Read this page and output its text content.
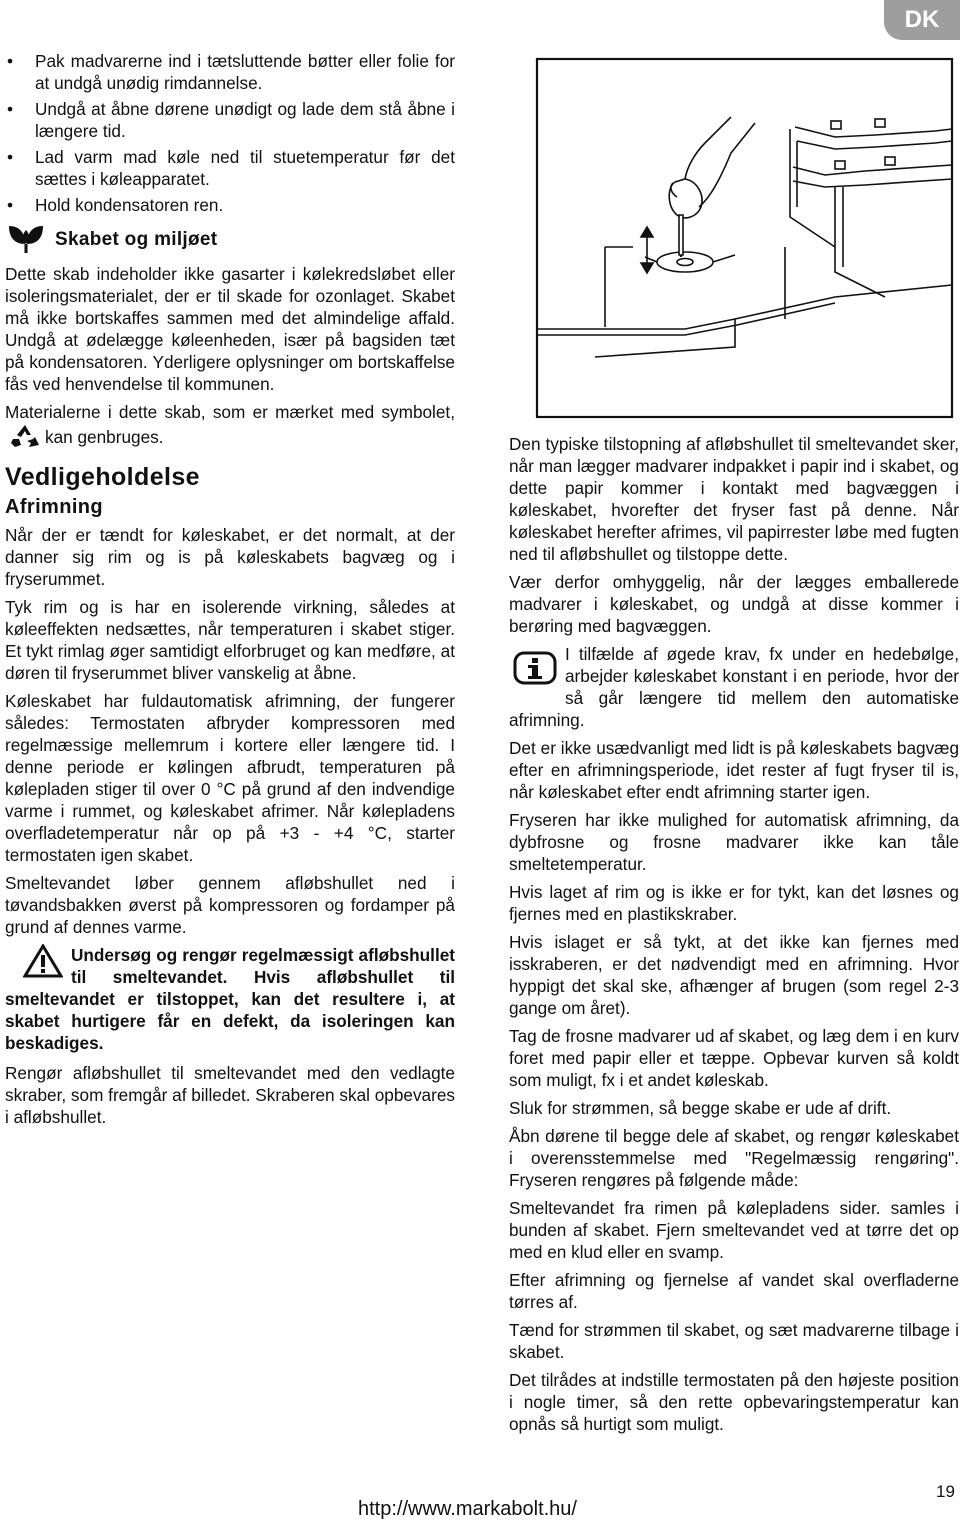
DK
• Pak madvarerne ind i tætsluttende bøtter eller folie for at undgå unødig rimdannelse.
• Undgå at åbne dørene unødigt og lade dem stå åbne i længere tid.
• Lad varm mad køle ned til stuetemperatur før det sættes i køleapparatet.
• Hold kondensatoren ren.
Skabet og miljøet

Dette skab indeholder ikke gasarter i kølekredsløbet eller isoleringsmaterialet, der er til skade for ozonlaget. Skabet må ikke bortskaffes sammen med det almindelige affald. Undgå at ødelægge køleenheden, især på bagsiden tæt på kondensatoren. Yderligere oplysninger om bortskaffelse fås ved henvendelse til kommunen.

Materialerne i dette skab, som er mærket med symbolet, kan genbruges.

Vedligeholdelse
Afrimning

Når der er tændt for køleskabet, er det normalt, at der danner sig rim og is på køleskabets bagvæg og i fryserummet.

Tyk rim og is har en isolerende virkning, således at køleeffekten nedsættes, når temperaturen i skabet stiger. Et tykt rimlag øger samtidigt elforbruget og kan medføre, at døren til fryserummet bliver vanskelig at åbne.

Køleskabet har fuldautomatisk afrimning, der fungerer således: Termostaten afbryder kompressoren med regelmæssige mellemrum i kortere eller længere tid. I denne periode er kølingen afbrudt, temperaturen på kølepladen stiger til over 0 °C på grund af den indvendige varme i rummet, og køleskabet afrimer. Når kølepladens overfladetemperatur når op på +3 - +4 °C, starter termostaten igen skabet.

Smeltevandet løber gennem afløbshullet ned i tøvandsbakken øverst på kompressoren og fordamper på grund af dennes varme.

Undersøg og rengør regelmæssigt afløbshullet til smeltevandet. Hvis afløbshullet til smeltevandet er tilstoppet, kan det resultere i, at skabet hurtigere får en defekt, da isoleringen kan beskadiges.

Rengør afløbshullet til smeltevandet med den vedlagte skraber, som fremgår af billedet. Skraberen skal opbevares i afløbshullet.

Den typiske tilstopning af afløbshullet til smeltevandet sker, når man lægger madvarer indpakket i papir ind i skabet, og dette papir kommer i kontakt med bagvæggen i køleskabet, hvorefter det fryser fast på denne. Når køleskabet herefter afrimes, vil papirrester løbe med fugten ned til afløbshullet og tilstoppe dette.

Vær derfor omhyggelig, når der lægges emballerede madvarer i køleskabet, og undgå at disse kommer i berøring med bagvæggen.

I tilfælde af øgede krav, fx under en hedebølge, arbejder køleskabet konstant i en periode, hvor der så går længere tid mellem den automatiske afrimning.

Det er ikke usædvanligt med lidt is på køleskabets bagvæg efter en afrimningsperiode, idet rester af fugt fryser til is, når køleskabet efter endt afrimning starter igen.

Fryseren har ikke mulighed for automatisk afrimning, da dybfrosne og frosne madvarer ikke kan tåle smeltetemperatur.

Hvis laget af rim og is ikke er for tykt, kan det løsnes og fjernes med en plastikskraber.

Hvis islaget er så tykt, at det ikke kan fjernes med isskraberen, er det nødvendigt med en afrimning. Hvor hyppigt det skal ske, afhænger af brugen (som regel 2-3 gange om året).

Tag de frosne madvarer ud af skabet, og læg dem i en kurv foret med papir eller et tæppe. Opbevar kurven så koldt som muligt, fx i et andet køleskab.

Sluk for strømmen, så begge skabe er ude af drift.

Åbn dørene til begge dele af skabet, og rengør køleskabet i overensstemmelse med "Regelmæssig rengøring". Fryseren rengøres på følgende måde:

Smeltevandet fra rimen på kølepladens sider. samles i bunden af skabet. Fjern smeltevandet ved at tørre det op med en klud eller en svamp.

Efter afrimning og fjernelse af vandet skal overfladerne tørres af.

Tænd for strømmen til skabet, og sæt madvarerne tilbage i skabet.

Det tilrådes at indstille termostaten på den højeste position i nogle timer, så den rette opbevaringstemperatur kan opnås så hurtigt som muligt.

http://www.markabolt.hu/
19
